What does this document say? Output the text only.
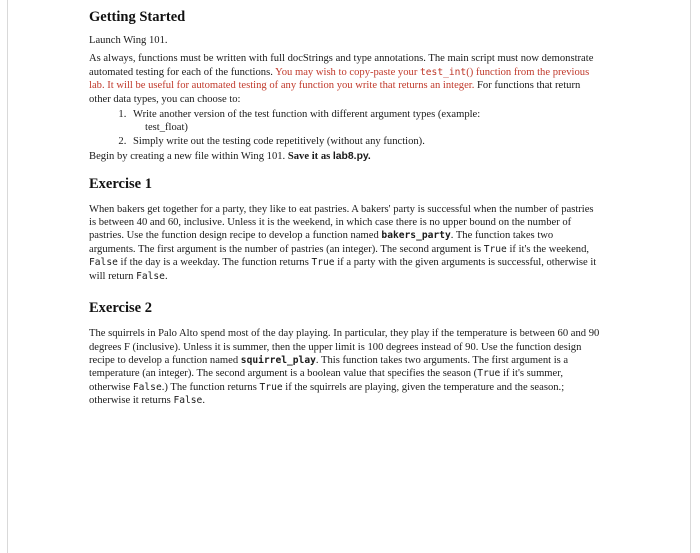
Getting Started

Launch Wing 101.

As always, functions must be written with full docStrings and type annotations. The main script must now demonstrate automated testing for each of the functions. You may wish to copy-paste your test_int() function from the previous lab. It will be useful for automated testing of any function you write that returns an integer. For functions that return other data types, you can choose to:

1. Write another version of the test function with different argument types (example:
test_float)
2. Simply write out the testing code repetitively (without any function).

Begin by creating a new file within Wing 101. Save it as lab8.py.

Exercise 1

When bakers get together for a party, they like to eat pastries. A bakers' party is successful when the number of pastries is between 40 and 60, inclusive. Unless it is the weekend, in which case there is no upper bound on the number of pastries. Use the function design recipe to develop a function named bakers_party. The function takes two arguments. The first argument is the number of pastries (an integer). The second argument is True if it's the weekend, False if the day is a weekday. The function returns True if a party with the given arguments is successful, otherwise it will return False.

Exercise 2

The squirrels in Palo Alto spend most of the day playing. In particular, they play if the temperature is between 60 and 90 degrees F (inclusive). Unless it is summer, then the upper limit is 100 degrees instead of 90. Use the function design recipe to develop a function named squirrel_play. This function takes two arguments. The first argument is a temperature (an integer). The second argument is a boolean value that specifies the season (True if it's summer, otherwise False.) The function returns True if the squirrels are playing, given the temperature and the season.; otherwise it returns False.
